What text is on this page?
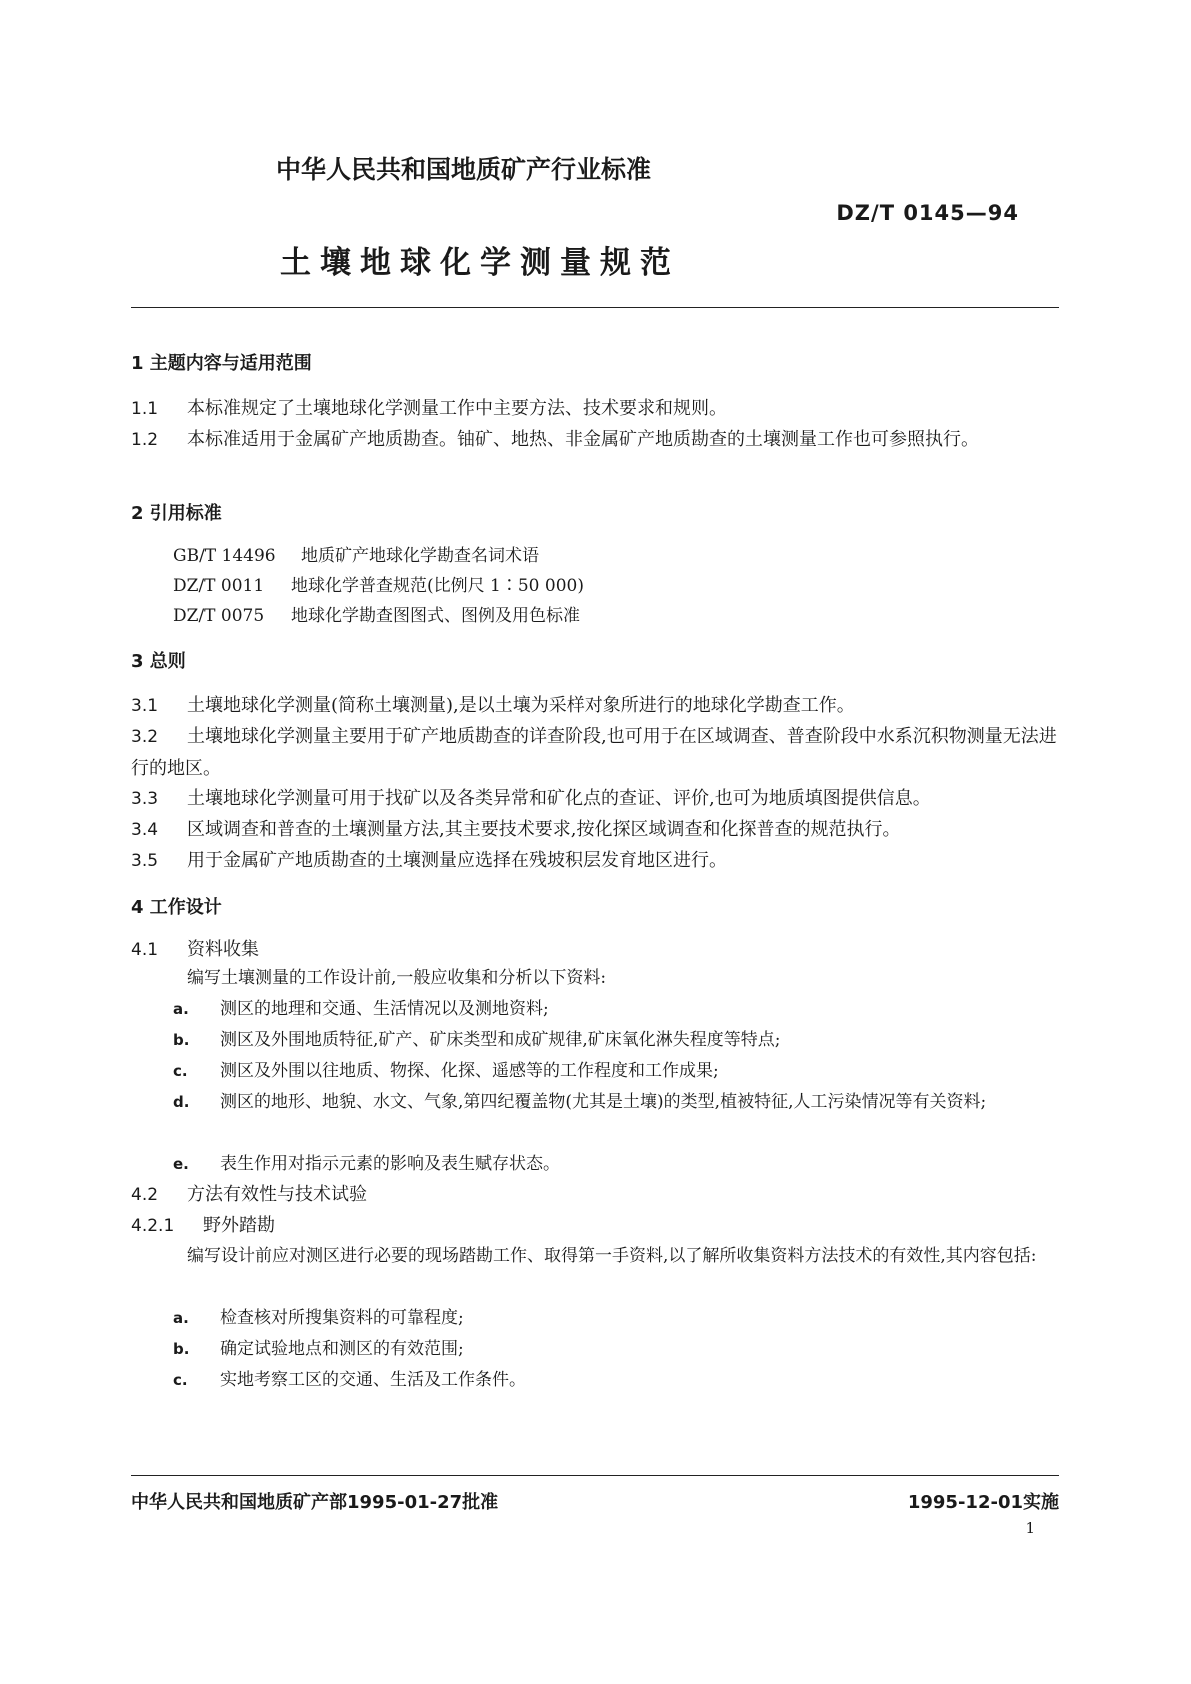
中华人民共和国地质矿产行业标准
DZ/T 0145—94
土壤地球化学测量规范
1 主题内容与适用范围
1.1 本标准规定了土壤地球化学测量工作中主要方法、技术要求和规则。
1.2 本标准适用于金属矿产地质勘查。铀矿、地热、非金属矿产地质勘查的土壤测量工作也可参照执行。
2 引用标准
GB/T 14496 地质矿产地球化学勘查名词术语
DZ/T 0011 地球化学普查规范(比例尺 1∶50 000)
DZ/T 0075 地球化学勘查图图式、图例及用色标准
3 总则
3.1 土壤地球化学测量(简称土壤测量),是以土壤为采样对象所进行的地球化学勘查工作。
3.2 土壤地球化学测量主要用于矿产地质勘查的详查阶段,也可用于在区域调查、普查阶段中水系沉积物测量无法进行的地区。
3.3 土壤地球化学测量可用于找矿以及各类异常和矿化点的查证、评价,也可为地质填图提供信息。
3.4 区域调查和普查的土壤测量方法,其主要技术要求,按化探区域调查和化探普查的规范执行。
3.5 用于金属矿产地质勘查的土壤测量应选择在残坡积层发育地区进行。
4 工作设计
4.1 资料收集
编写土壤测量的工作设计前,一般应收集和分析以下资料:
a. 测区的地理和交通、生活情况以及测地资料;
b. 测区及外围地质特征,矿产、矿床类型和成矿规律,矿床氧化淋失程度等特点;
c. 测区及外围以往地质、物探、化探、遥感等的工作程度和工作成果;
d. 测区的地形、地貌、水文、气象,第四纪覆盖物(尤其是土壤)的类型,植被特征,人工污染情况等有关资料;
e. 表生作用对指示元素的影响及表生赋存状态。
4.2 方法有效性与技术试验
4.2.1 野外踏勘
编写设计前应对测区进行必要的现场踏勘工作、取得第一手资料,以了解所收集资料方法技术的有效性,其内容包括:
a. 检查核对所搜集资料的可靠程度;
b. 确定试验地点和测区的有效范围;
c. 实地考察工区的交通、生活及工作条件。
中华人民共和国地质矿产部1995-01-27批准	1995-12-01实施
1
